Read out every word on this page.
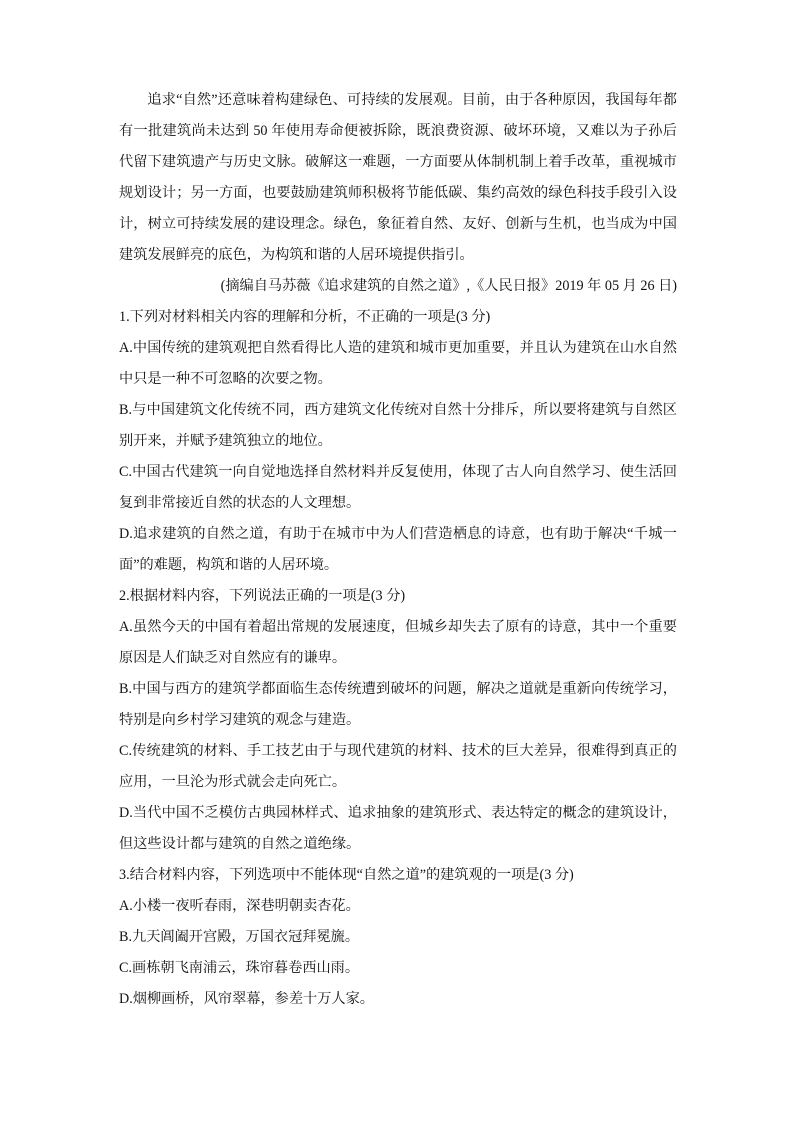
追求“自然”还意味着构建绿色、可持续的发展观。目前，由于各种原因，我国每年都有一批建筑尚未达到 50 年使用寿命便被拆除，既浪费资源、破坏环境，又难以为子孙后代留下建筑遗产与历史文脉。破解这一难题，一方面要从体制机制上着手改革，重视城市规划设计；另一方面，也要鼓励建筑师积极将节能低碳、集约高效的绿色科技手段引入设计，树立可持续发展的建设理念。绿色，象征着自然、友好、创新与生机，也当成为中国建筑发展鲜亮的底色，为构筑和谐的人居环境提供指引。

(摘编自马苏薇《追求建筑的自然之道》,《人民日报》2019 年 05 月 26 日)

1.下列对材料相关内容的理解和分析，不正确的一项是(3 分)

A.中国传统的建筑观把自然看得比人造的建筑和城市更加重要，并且认为建筑在山水自然中只是一种不可忽略的次要之物。

B.与中国建筑文化传统不同，西方建筑文化传统对自然十分排斥，所以要将建筑与自然区别开来，并赋予建筑独立的地位。

C.中国古代建筑一向自觉地选择自然材料并反复使用，体现了古人向自然学习、使生活回复到非常接近自然的状态的人文理想。

D.追求建筑的自然之道，有助于在城市中为人们营造栖息的诗意，也有助于解决“千城一面”的难题，构筑和谐的人居环境。

2.根据材料内容，下列说法正确的一项是(3 分)

A.虽然今天的中国有着超出常规的发展速度，但城乡却失去了原有的诗意，其中一个重要原因是人们缺乏对自然应有的谦卑。

B.中国与西方的建筑学都面临生态传统遭到破坏的问题，解决之道就是重新向传统学习，特别是向乡村学习建筑的观念与建造。

C.传统建筑的材料、手工技艺由于与现代建筑的材料、技术的巨大差异，很难得到真正的应用，一旦沦为形式就会走向死亡。

D.当代中国不乏模仿古典园林样式、追求抽象的建筑形式、表达特定的概念的建筑设计，但这些设计都与建筑的自然之道绝缘。

3.结合材料内容，下列选项中不能体现“自然之道”的建筑观的一项是(3 分)

A.小楼一夜听春雨，深巷明朝卖杏花。

B.九天阊阖开宫殿，万国衣冠拜冕旒。

C.画栋朝飞南浦云，珠帘暮卷西山雨。

D.烟柳画桥，风帘翠幕，参差十万人家。
